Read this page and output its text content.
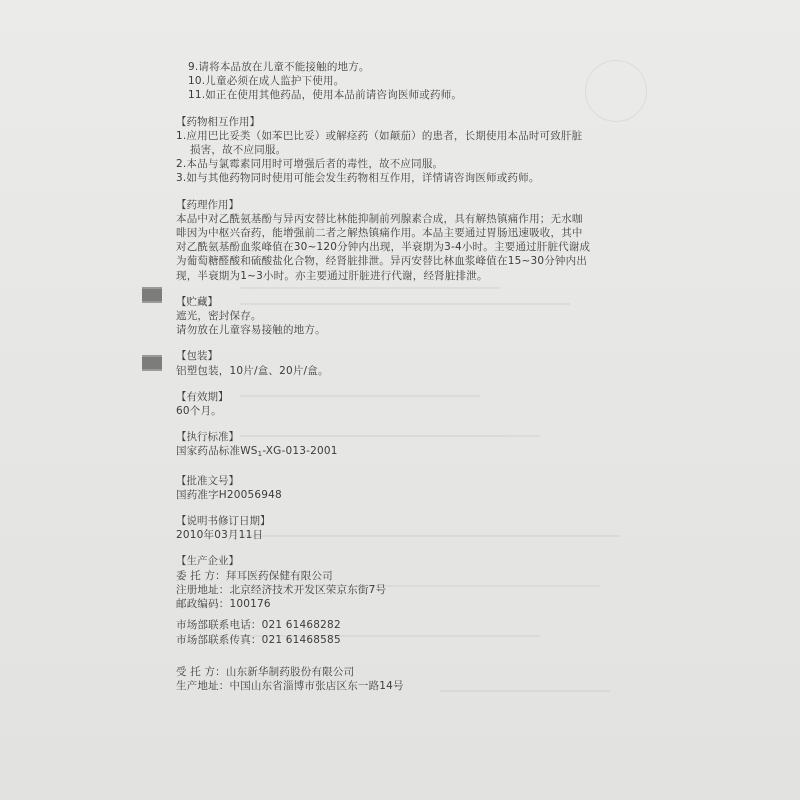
9.请将本品放在儿童不能接触的地方。
10.儿童必须在成人监护下使用。
11.如正在使用其他药品，使用本品前请咨询医师或药师。
【药物相互作用】
1.应用巴比妥类（如苯巴比妥）或解痉药（如颠茄）的患者，长期使用本品时可致肝脏
损害，故不应同服。
2.本品与氯霉素同用时可增强后者的毒性，故不应同服。
3.如与其他药物同时使用可能会发生药物相互作用，详情请咨询医师或药师。
【药理作用】
本品中对乙酰氨基酚与异丙安替比林能抑制前列腺素合成，具有解热镇痛作用；无水咖
啡因为中枢兴奋药，能增强前二者之解热镇痛作用。本品主要通过胃肠迅速吸收，其中
对乙酰氨基酚血浆峰值在30~120分钟内出现，半衰期为3-4小时。主要通过肝脏代谢成
为葡萄糖醛酸和硫酸盐化合物，经肾脏排泄。异丙安替比林血浆峰值在15~30分钟内出
现，半衰期为1~3小时。亦主要通过肝脏进行代谢，经肾脏排泄。
【贮藏】
遮光，密封保存。
请勿放在儿童容易接触的地方。
【包装】
铝塑包装，10片/盒、20片/盒。
【有效期】
60个月。
【执行标准】
国家药品标准$WS_1-XG-013-2001$
【批准文号】
国药准字H20056948
【说明书修订日期】
2010年03月11日
【生产企业】
委 托 方：拜耳医药保健有限公司
注册地址：北京经济技术开发区荣京东街7号
邮政编码：100176
市场部联系电话：021 61468282
市场部联系传真：021 61468585
受 托 方：山东新华制药股份有限公司
生产地址：中国山东省淄博市张店区东一路14号
